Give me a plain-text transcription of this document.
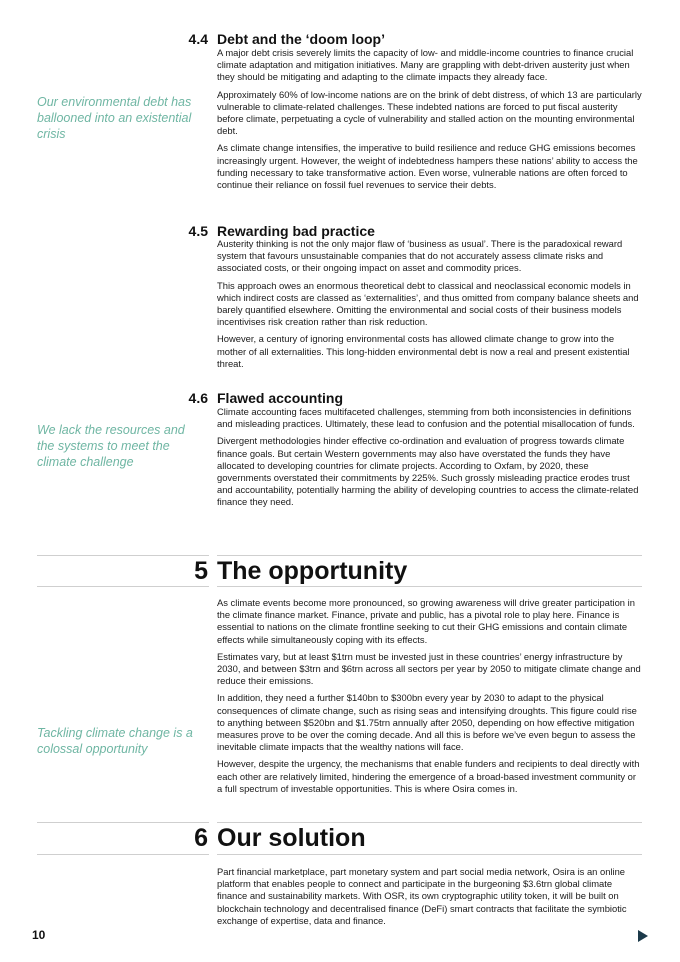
Our environmental debt has ballooned into an existential crisis
We lack the resources and the systems to meet the climate challenge
Tackling climate change is a colossal opportunity
4.4 Debt and the ‘doom loop’

A major debt crisis severely limits the capacity of low- and middle-income countries to finance crucial climate adaptation and mitigation initiatives. Many are grappling with debt-driven austerity just when they should be mitigating and adapting to the climate impacts they already face.

Approximately 60% of low-income nations are on the brink of debt distress, of which 13 are particularly vulnerable to climate-related challenges. These indebted nations are forced to put fiscal austerity before climate, perpetuating a cycle of vulnerability and stalled action on the mounting environmental debt.

As climate change intensifies, the imperative to build resilience and reduce GHG emissions becomes increasingly urgent. However, the weight of indebtedness hampers these nations’ ability to access the funding necessary to take transformative action. Even worse, vulnerable nations are often forced to continue their reliance on fossil fuel revenues to service their debts.

4.5 Rewarding bad practice

Austerity thinking is not the only major flaw of ‘business as usual’. There is the paradoxical reward system that favours unsustainable companies that do not accurately assess climate risks and associated costs, or their ongoing impact on asset and commodity prices.

This approach owes an enormous theoretical debt to classical and neoclassical economic models in which indirect costs are classed as ‘externalities’, and thus omitted from company balance sheets and barely quantified elsewhere. Omitting the environmental and social costs of their business models incentivises risk creation rather than risk reduction.

However, a century of ignoring environmental costs has allowed climate change to grow into the mother of all externalities. This long-hidden environmental debt is now a real and present existential threat.

4.6 Flawed accounting

Climate accounting faces multifaceted challenges, stemming from both inconsistencies in definitions and misleading practices. Ultimately, these lead to confusion and the potential misallocation of funds.

Divergent methodologies hinder effective co-ordination and evaluation of progress towards climate finance goals. But certain Western governments may also have overstated the funds they have allocated to developing countries for climate projects. According to Oxfam, by 2020, these governments overstated their commitments by 225%. Such grossly misleading practice erodes trust and accountability, potentially harming the ability of developing countries to access the climate-related finance they need.

5 The opportunity

As climate events become more pronounced, so growing awareness will drive greater participation in the climate finance market. Finance, private and public, has a pivotal role to play here. Finance is essential to nations on the climate frontline seeking to cut their GHG emissions and contain climate effects while simultaneously coping with its effects.

Estimates vary, but at least $1trn must be invested just in these countries’ energy infrastructure by 2030, and between $3trn and $6trn across all sectors per year by 2050 to mitigate climate change and reduce their emissions.

In addition, they need a further $140bn to $300bn every year by 2030 to adapt to the physical consequences of climate change, such as rising seas and intensifying droughts. This figure could rise to anything between $520bn and $1.75trn annually after 2050, depending on how effective mitigation measures prove to be over the coming decade. And all this is before we’ve even begun to assess the inevitable climate impacts that the wealthy nations will face.

However, despite the urgency, the mechanisms that enable funders and recipients to deal directly with each other are relatively limited, hindering the emergence of a broad-based investment community or a full spectrum of investable opportunities. This is where Osira comes in.

6 Our solution

Part financial marketplace, part monetary system and part social media network, Osira is an online platform that enables people to connect and participate in the burgeoning $3.6trn global climate finance and sustainability markets. With OSR, its own cryptographic utility token, it will be built on blockchain technology and decentralised finance (DeFi) smart contracts that facilitate the symbiotic exchange of expertise, data and finance.

10
